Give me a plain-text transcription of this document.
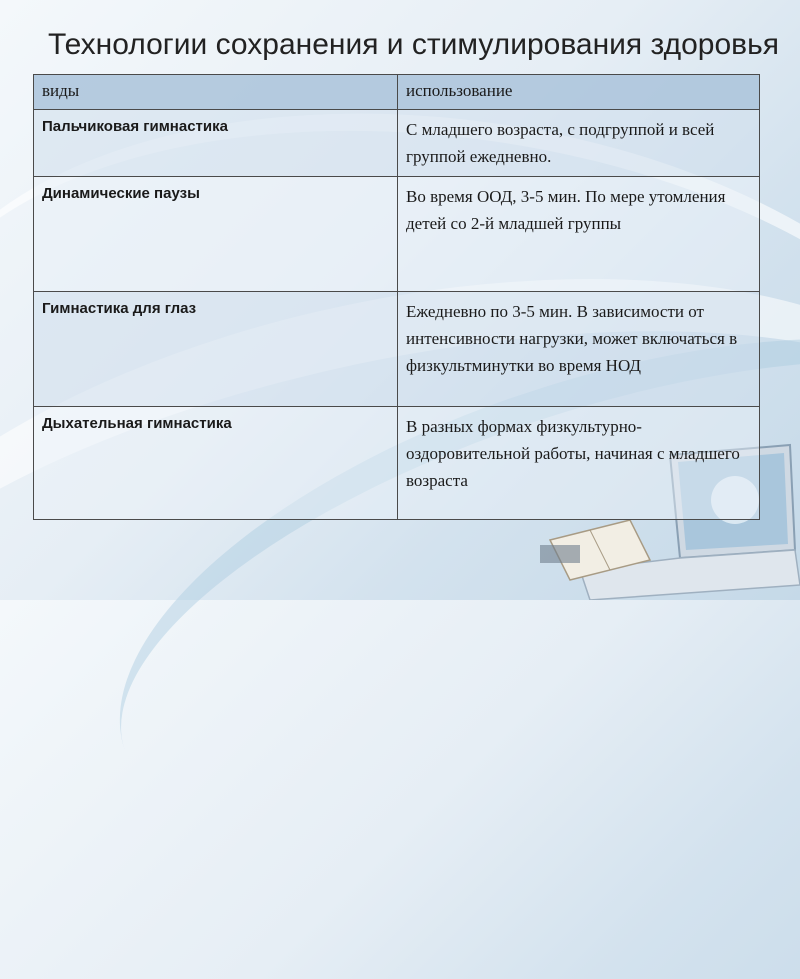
Технологии сохранения и стимулирования здоровья
виды	использование
Пальчиковая гимнастика	С младшего возраста, с подгруппой и всей группой ежедневно.
Динамические паузы	Во время ООД, 3-5 мин. По мере утомления детей со 2-й младшей группы
Гимнастика для глаз	Ежедневно по 3-5 мин. В зависимости от интенсивности нагрузки, может включаться в физкультминутки во время НОД
Дыхательная гимнастика	В разных формах физкультурно-оздоровительной работы, начиная с младшего возраста
